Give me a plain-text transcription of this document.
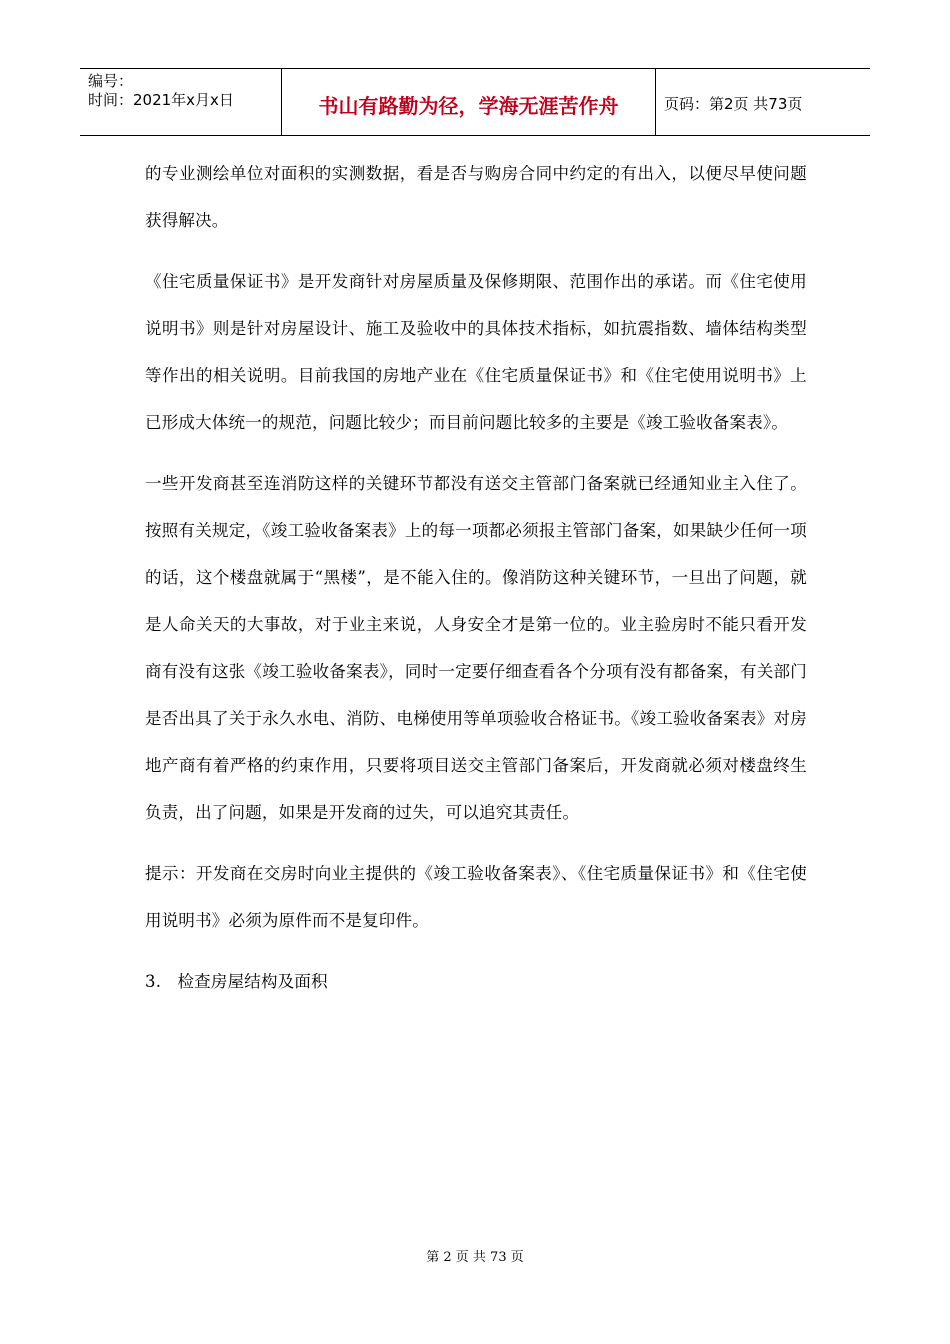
编号：
时间：2021年x月x日	书山有路勤为径，学海无涯苦作舟	页码：第2页 共73页

的专业测绘单位对面积的实测数据，看是否与购房合同中约定的有出入，以便尽早使问题获得解决。

《住宅质量保证书》是开发商针对房屋质量及保修期限、范围作出的承诺。而《住宅使用说明书》则是针对房屋设计、施工及验收中的具体技术指标，如抗震指数、墙体结构类型等作出的相关说明。目前我国的房地产业在《住宅质量保证书》和《住宅使用说明书》上已形成大体统一的规范，问题比较少；而目前问题比较多的主要是《竣工验收备案表》。

一些开发商甚至连消防这样的关键环节都没有送交主管部门备案就已经通知业主入住了。按照有关规定，《竣工验收备案表》上的每一项都必须报主管部门备案，如果缺少任何一项的话，这个楼盘就属于“黑楼”，是不能入住的。像消防这种关键环节，一旦出了问题，就是人命关天的大事故，对于业主来说，人身安全才是第一位的。业主验房时不能只看开发商有没有这张《竣工验收备案表》，同时一定要仔细查看各个分项有没有都备案，有关部门是否出具了关于永久水电、消防、电梯使用等单项验收合格证书。《竣工验收备案表》对房地产商有着严格的约束作用，只要将项目送交主管部门备案后，开发商就必须对楼盘终生负责，出了问题，如果是开发商的过失，可以追究其责任。

提示：开发商在交房时向业主提供的《竣工验收备案表》、《住宅质量保证书》和《住宅使用说明书》必须为原件而不是复印件。

3.   检查房屋结构及面积
第 2 页 共 73 页
